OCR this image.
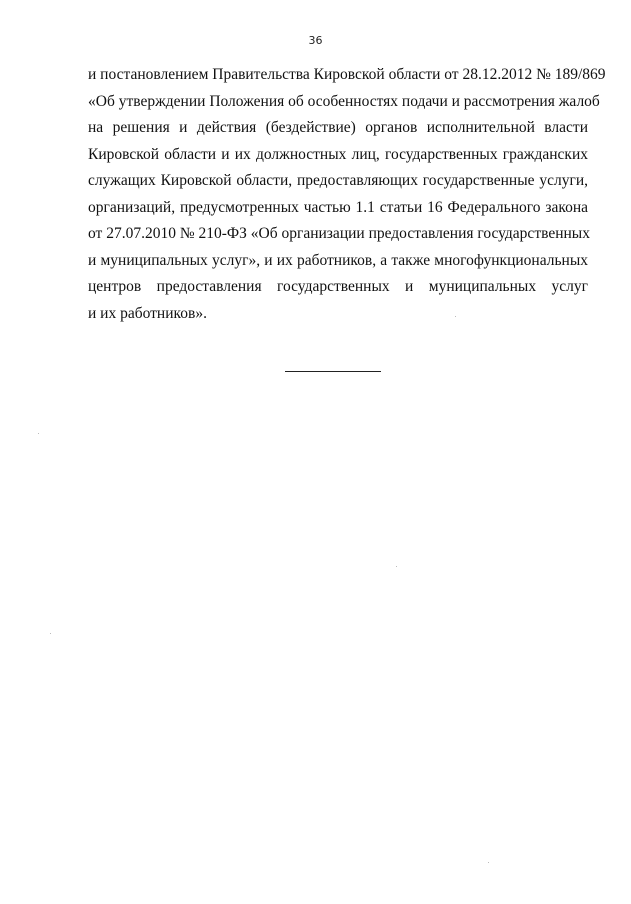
36
и постановлением Правительства Кировской области от 28.12.2012 № 189/869
«Об утверждении Положения об особенностях подачи и рассмотрения жалоб
на решения и действия (бездействие) органов исполнительной власти
Кировской области и их должностных лиц, государственных гражданских
служащих Кировской области, предоставляющих государственные услуги,
организаций, предусмотренных частью 1.1 статьи 16 Федерального закона
от 27.07.2010 № 210-ФЗ «Об организации предоставления государственных
и муниципальных услуг», и их работников, а также многофункциональных
центров предоставления государственных и муниципальных услуг
и их работников».
